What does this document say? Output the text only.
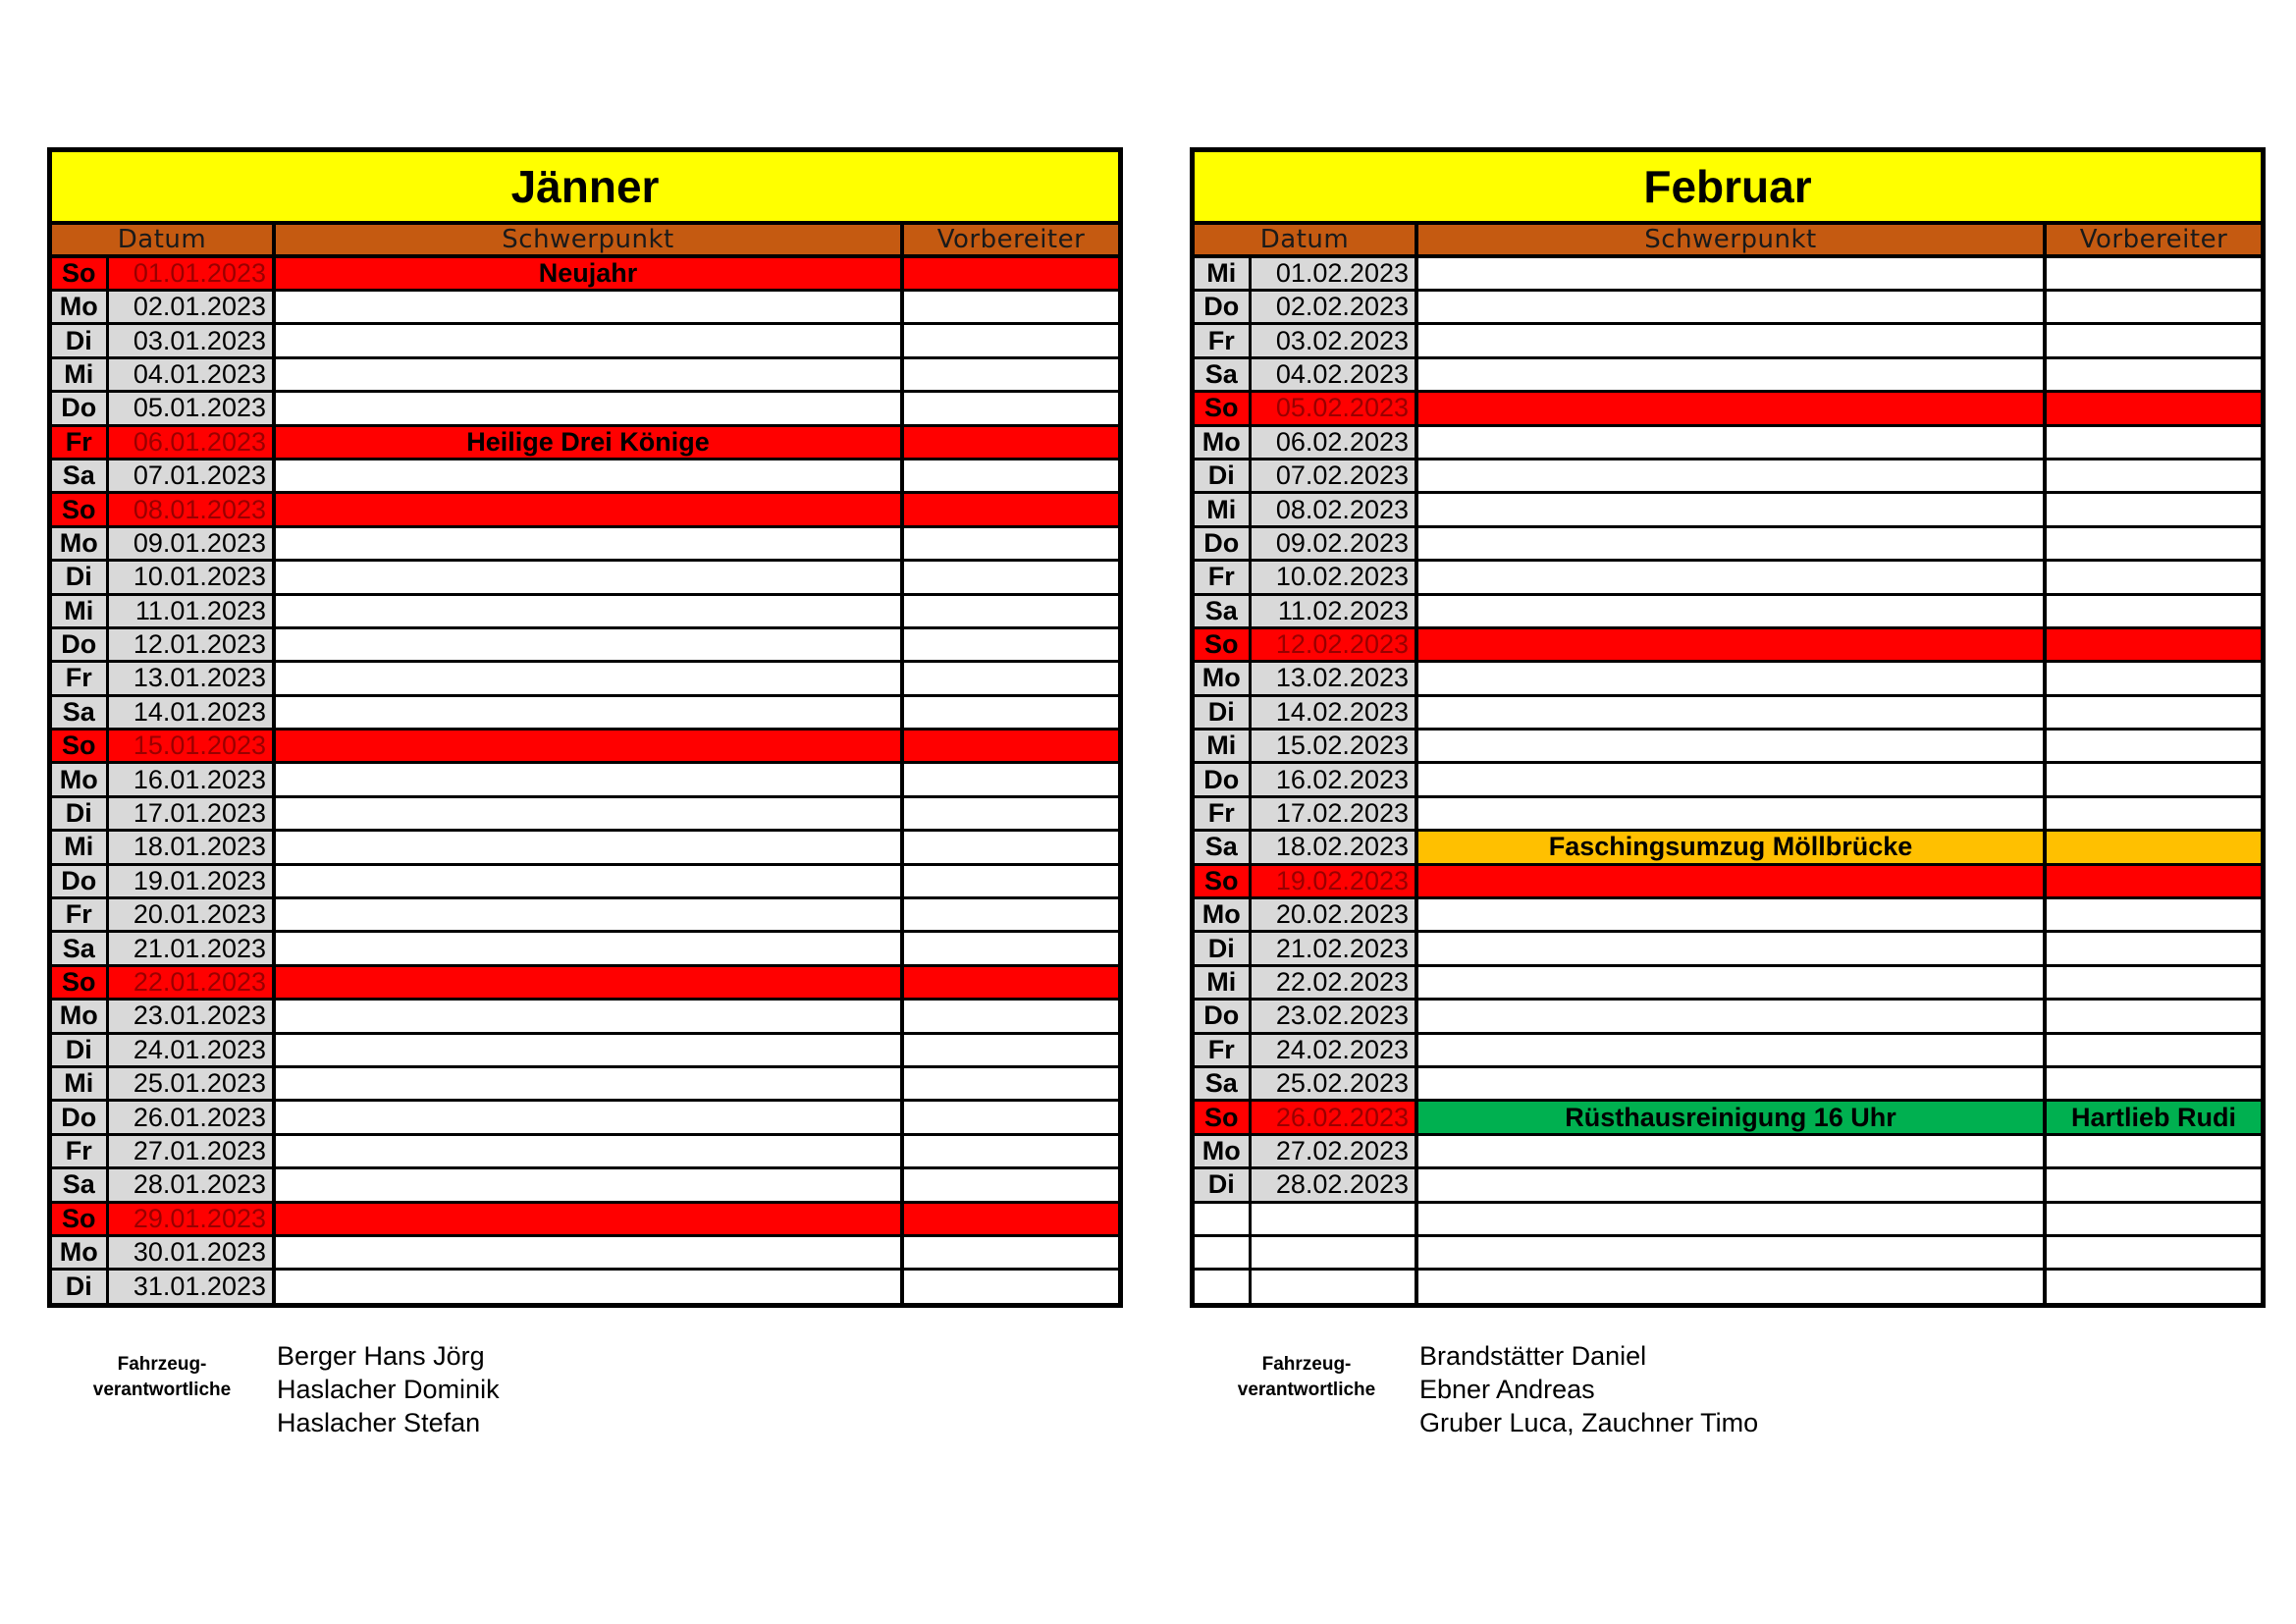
Jänner			
Datum		Schwerpunkt	Vorbereiter
So	01.01.2023	Neujahr	
Mo	02.01.2023		
Di	03.01.2023		
Mi	04.01.2023		
Do	05.01.2023		
Fr	06.01.2023	Heilige Drei Könige	
Sa	07.01.2023		
So	08.01.2023		
Mo	09.01.2023		
Di	10.01.2023		
Mi	11.01.2023		
Do	12.01.2023		
Fr	13.01.2023		
Sa	14.01.2023		
So	15.01.2023		
Mo	16.01.2023		
Di	17.01.2023		
Mi	18.01.2023		
Do	19.01.2023		
Fr	20.01.2023		
Sa	21.01.2023		
So	22.01.2023		
Mo	23.01.2023		
Di	24.01.2023		
Mi	25.01.2023		
Do	26.01.2023		
Fr	27.01.2023		
Sa	28.01.2023		
So	29.01.2023		
Mo	30.01.2023		
Di	31.01.2023		
Februar			
Datum		Schwerpunkt	Vorbereiter
Mi	01.02.2023		
Do	02.02.2023		
Fr	03.02.2023		
Sa	04.02.2023		
So	05.02.2023		
Mo	06.02.2023		
Di	07.02.2023		
Mi	08.02.2023		
Do	09.02.2023		
Fr	10.02.2023		
Sa	11.02.2023		
So	12.02.2023		
Mo	13.02.2023		
Di	14.02.2023		
Mi	15.02.2023		
Do	16.02.2023		
Fr	17.02.2023		
Sa	18.02.2023	Faschingsumzug Möllbrücke	
So	19.02.2023		
Mo	20.02.2023		
Di	21.02.2023		
Mi	22.02.2023		
Do	23.02.2023		
Fr	24.02.2023		
Sa	25.02.2023		
So	26.02.2023	Rüsthausreinigung 16 Uhr	Hartlieb Rudi
Mo	27.02.2023		
Di	28.02.2023		

Fahrzeug-
verantwortliche
Berger Hans Jörg
Haslacher Dominik
Haslacher Stefan
Fahrzeug-
verantwortliche
Brandstätter Daniel
Ebner Andreas
Gruber Luca, Zauchner Timo
